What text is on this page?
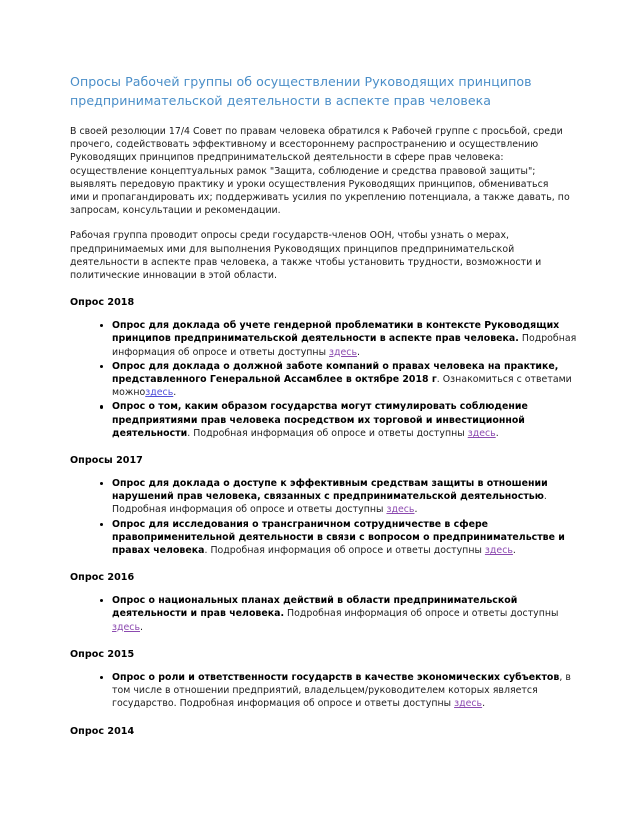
Опросы Рабочей группы об осуществлении Руководящих принципов предпринимательской деятельности в аспекте прав человека

В своей резолюции 17/4 Совет по правам человека обратился к Рабочей группе с просьбой, среди прочего, содействовать эффективному и всестороннему распространению и осуществлению Руководящих принципов предпринимательской деятельности в сфере прав человека: осуществление концептуальных рамок "Защита, соблюдение и средства правовой защиты"; выявлять передовую практику и уроки осуществления Руководящих принципов, обмениваться ими и пропагандировать их; поддерживать усилия по укреплению потенциала, а также давать, по запросам, консультации и рекомендации.

Рабочая группа проводит опросы среди государств-членов ООН, чтобы узнать о мерах, предпринимаемых ими для выполнения Руководящих принципов предпринимательской деятельности в аспекте прав человека, а также чтобы установить трудности, возможности и политические инновации в этой области.

Опрос 2018
Опрос для доклада об учете гендерной проблематики в контексте Руководящих принципов предпринимательской деятельности в аспекте прав человека. Подробная информация об опросе и ответы доступны здесь.
Опрос для доклада о должной заботе компаний о правах человека на практике, представленного Генеральной Ассамблее в октябре 2018 г. Ознакомиться с ответами можноздесь.
Опрос о том, каким образом государства могут стимулировать соблюдение предприятиями прав человека посредством их торговой и инвестиционной деятельности. Подробная информация об опросе и ответы доступны здесь.
Опросы 2017
Опрос для доклада о доступе к эффективным средствам защиты в отношении нарушений прав человека, связанных с предпринимательской деятельностью. Подробная информация об опросе и ответы доступны здесь.
Опрос для исследования о трансграничном сотрудничестве в сфере правоприменительной деятельности в связи с вопросом о предпринимательстве и правах человека. Подробная информация об опросе и ответы доступны здесь.
Опрос 2016
Опрос о национальных планах действий в области предпринимательской деятельности и прав человека. Подробная информация об опросе и ответы доступны здесь.
Опрос 2015
Опрос о роли и ответственности государств в качестве экономических субъектов, в том числе в отношении предприятий, владельцем/руководителем которых является государство. Подробная информация об опросе и ответы доступны здесь.
Опрос 2014
